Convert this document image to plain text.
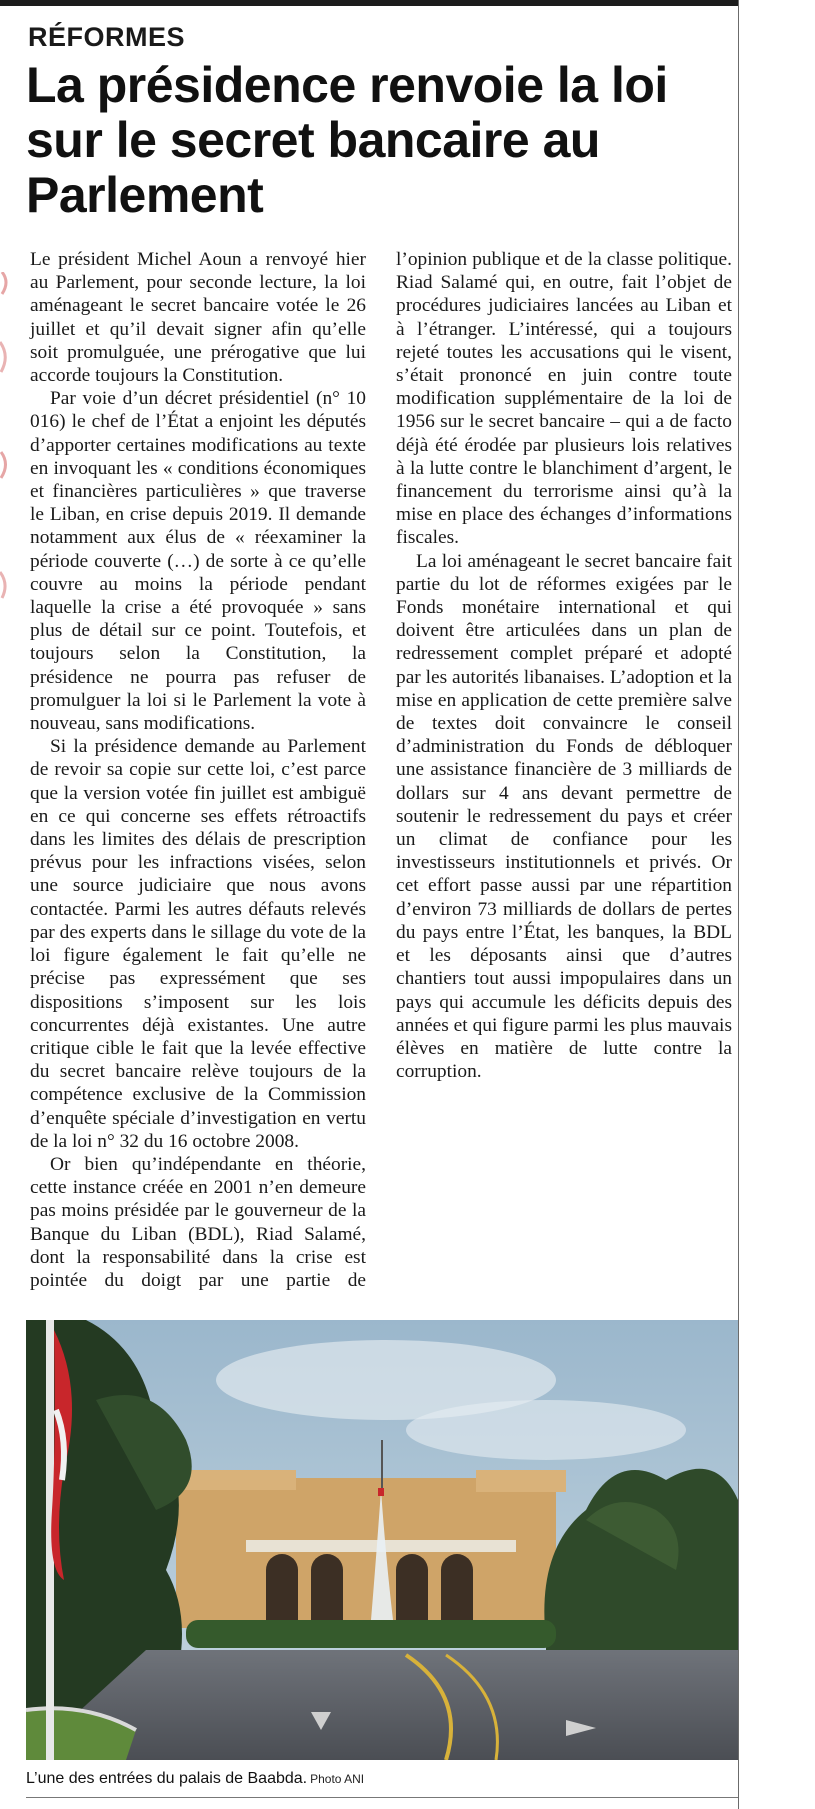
RÉFORMES
La présidence renvoie la loi sur le secret bancaire au Parlement

Le président Michel Aoun a renvoyé hier au Parlement, pour seconde lecture, la loi aménageant le secret bancaire votée le 26 juillet et qu’il devait signer afin qu’elle soit promulguée, une prérogative que lui accorde toujours la Constitution.

Par voie d’un décret présidentiel (n° 10 016) le chef de l’État a enjoint les députés d’apporter certaines modifications au texte en invoquant les « conditions économiques et financières particulières » que traverse le Liban, en crise depuis 2019. Il demande notamment aux élus de « réexaminer la période couverte (…) de sorte à ce qu’elle couvre au moins la période pendant laquelle la crise a été provoquée » sans plus de détail sur ce point. Toutefois, et toujours selon la Constitution, la présidence ne pourra pas refuser de promulguer la loi si le Parlement la vote à nouveau, sans modifications.

Si la présidence demande au Parlement de revoir sa copie sur cette loi, c’est parce que la version votée fin juillet est ambiguë en ce qui concerne ses effets rétroactifs dans les limites des délais de prescription prévus pour les infractions visées, selon une source judiciaire que nous avons contactée. Parmi les autres défauts relevés par des experts dans le sillage du vote de la loi figure également le fait qu’elle ne précise pas expressément que ses dispositions s’imposent sur les lois concurrentes déjà existantes. Une autre critique cible le fait que la levée effective du secret bancaire relève toujours de la compétence exclusive de la Commission d’enquête spéciale d’investigation en vertu de la loi n° 32 du 16 octobre 2008.

Or bien qu’indépendante en théorie, cette instance créée en 2001 n’en demeure pas moins présidée par le gouverneur de la Banque du Liban (BDL), Riad Salamé, dont la responsabilité dans la crise est pointée du doigt par une partie de l’opinion publique et de la classe politique. Riad Salamé qui, en outre, fait l’objet de procédures judiciaires lancées au Liban et à l’étranger. L’intéressé, qui a toujours rejeté toutes les accusations qui le visent, s’était prononcé en juin contre toute modification supplémentaire de la loi de 1956 sur le secret bancaire – qui a de facto déjà été érodée par plusieurs lois relatives à la lutte contre le blanchiment d’argent, le financement du terrorisme ainsi qu’à la mise en place des échanges d’informations fiscales.

La loi aménageant le secret bancaire fait partie du lot de réformes exigées par le Fonds monétaire international et qui doivent être articulées dans un plan de redressement complet préparé et adopté par les autorités libanaises. L’adoption et la mise en application de cette première salve de textes doit convaincre le conseil d’administration du Fonds de débloquer une assistance financière de 3 milliards de dollars sur 4 ans devant permettre de soutenir le redressement du pays et créer un climat de confiance pour les investisseurs institutionnels et privés. Or cet effort passe aussi par une répartition d’environ 73 milliards de dollars de pertes du pays entre l’État, les banques, la BDL et les déposants ainsi que d’autres chantiers tout aussi impopulaires dans un pays qui accumule les déficits depuis des années et qui figure parmi les plus mauvais élèves en matière de lutte contre la corruption.

L’une des entrées du palais de Baabda. Photo ANI
